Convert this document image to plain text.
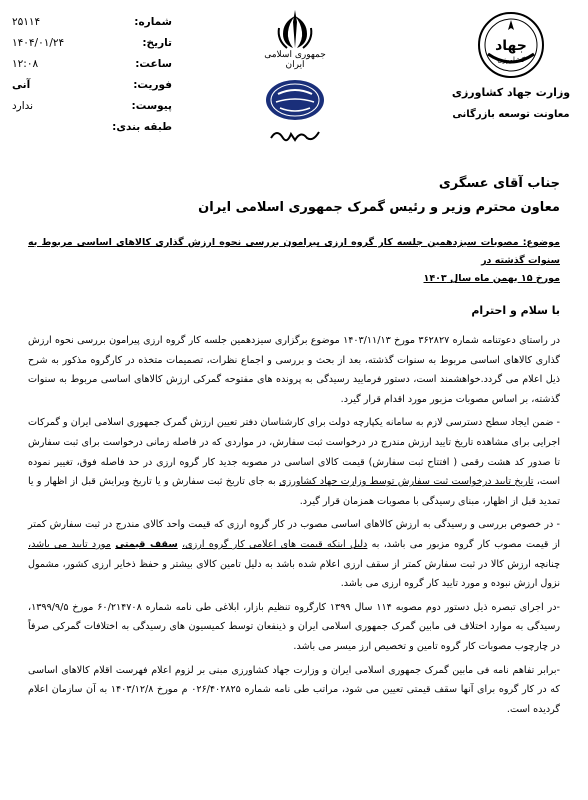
جهاد
کشاورزی
وزارت جهاد کشاورزی
معاونت توسعه بازرگانی
جمهوری اسلامی ایران
شماره:
۲۵۱۱۴
تاریخ:
۱۴۰۴/۰۱/۲۴
ساعت:
۱۲:۰۸
فوریت:
آنی
پیوست:
ندارد
طبقه بندی:
جناب آقای عسگری
معاون محترم وزیر و رئیس گمرک جمهوری اسلامی ایران
موضوع: مصوبات سیزدهمین جلسه کار گروه ارزی پیرامون بررسی نحوه ارزش گذاری کالاهای اساسی مربوط به سنوات گذشته در
مورخ ۱۵ بهمن ماه سال ۱۴۰۳
با سلام و احترام
در راستای دعوتنامه شماره ۳۶۲۸۲۷ مورخ ۱۴۰۳/۱۱/۱۳ موضوع برگزاری سیزدهمین جلسه کار گروه ارزی پیرامون بررسی نحوه ارزش گذاری کالاهای اساسی مربوط به سنوات گذشته، بعد از بحث و بررسی و اجماع نظرات، تصمیمات متخذه در کارگروه مذکور به شرح ذیل اعلام می گردد.خواهشمند است، دستور فرمایید رسیدگی به پرونده های مفتوحه گمرکی ارزش کالاهای اساسی مربوط به سنوات گذشته، بر اساس مصوبات مزبور مورد اقدام قرار گیرد.
- ضمن ایجاد سطح دسترسی لازم به سامانه یکپارچه دولت برای کارشناسان دفتر تعیین ارزش گمرک جمهوری اسلامی ایران و گمرکات اجرایی برای مشاهده تاریخ تایید ارزش مندرج در درخواست ثبت سفارش، در مواردی که در فاصله زمانی درخواست برای ثبت سفارش تا صدور کد هشت رقمی ( افتتاح ثبت سفارش) قیمت کالای اساسی در مصوبه جدید کار گروه ارزی در حد فاصله فوق، تغییر نموده است، تاریخ تایید درخواست ثبت سفارش توسط وزارت جهاد کشاورزی به جای تاریخ ثبت سفارش و یا تاریخ ویرایش قبل از اظهار و یا تمدید قبل از اظهار، مبنای رسیدگی با مصوبات همزمان قرار گیرد.
- در خصوص بررسی و رسیدگی به ارزش کالاهای اساسی مصوب در کار گروه ارزی که قیمت واحد کالای مندرج در ثبت سفارش کمتر از قیمت مصوب کار گروه مزبور می باشد، به دلیل اینکه قیمت های اعلامی کار گروه ارزی، سقف قیمتی مورد تایید می باشد، چنانچه ارزش کالا در ثبت سفارش کمتر از سقف ارزی اعلام شده باشد به دلیل تامین کالای بیشتر و حفظ ذخایر ارزی کشور، مشمول نزول ارزش نبوده و مورد تایید کار گروه ارزی می باشد.
-در اجرای تبصره ذیل دستور دوم مصوبه ۱۱۴ سال ۱۳۹۹ کارگروه تنظیم بازار، ابلاغی طی نامه شماره ۶۰/۲۱۴۷۰۸ مورخ ۱۳۹۹/۹/۵، رسیدگی به موارد اختلاف فی مابین گمرک جمهوری اسلامی ایران و ذینفعان توسط کمیسیون های رسیدگی به اختلافات گمرکی صرفاً در چارچوب مصوبات کار گروه تامین و تخصیص ارز میسر می باشد.
-برابر تفاهم نامه فی مابین گمرک جمهوری اسلامی ایران و وزارت جهاد کشاورزی مبنی بر لزوم اعلام فهرست اقلام کالاهای اساسی که در کار گروه برای آنها سقف قیمتی تعیین می شود، مراتب طی نامه شماره ۰۲۶/۴۰۲۸۲۵ م مورخ ۱۴۰۳/۱۲/۸ به آن سازمان اعلام گردیده است.
